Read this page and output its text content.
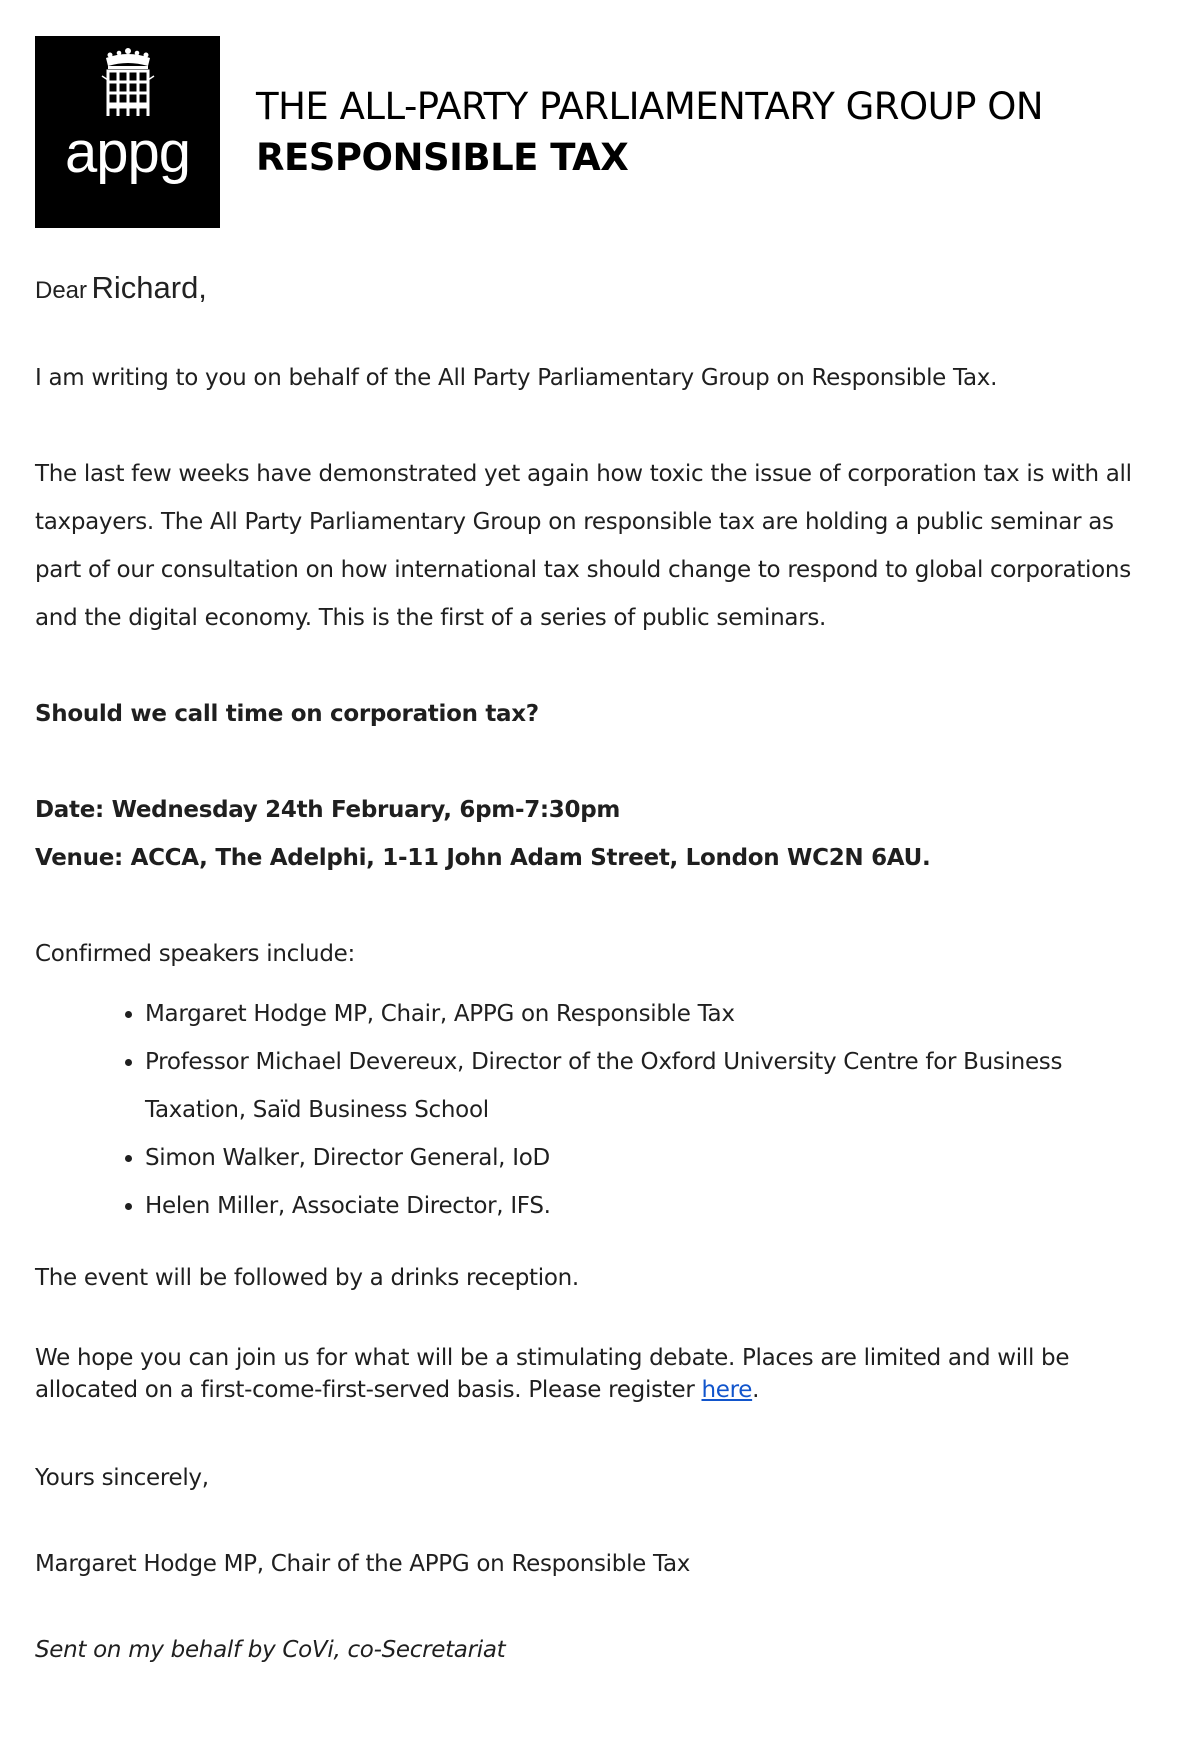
appg
THE ALL-PARTY PARLIAMENTARY GROUP ON
RESPONSIBLE TAX
Dear Richard,

I am writing to you on behalf of the All Party Parliamentary Group on Responsible Tax.

The last few weeks have demonstrated yet again how toxic the issue of corporation tax is with all taxpayers. The All Party Parliamentary Group on responsible tax are holding a public seminar as part of our consultation on how international tax should change to respond to global corporations and the digital economy. This is the first of a series of public seminars.

Should we call time on corporation tax?

Date: Wednesday 24th February, 6pm-7:30pm

Venue: ACCA, The Adelphi, 1-11 John Adam Street, London WC2N 6AU.

Confirmed speakers include:

• Margaret Hodge MP, Chair, APPG on Responsible Tax
• Professor Michael Devereux, Director of the Oxford University Centre for Business Taxation, Saïd Business School
• Simon Walker, Director General, IoD
• Helen Miller, Associate Director, IFS.

The event will be followed by a drinks reception.

We hope you can join us for what will be a stimulating debate. Places are limited and will be allocated on a first-come-first-served basis. Please register here.

Yours sincerely,

Margaret Hodge MP, Chair of the APPG on Responsible Tax

Sent on my behalf by CoVi, co-Secretariat
